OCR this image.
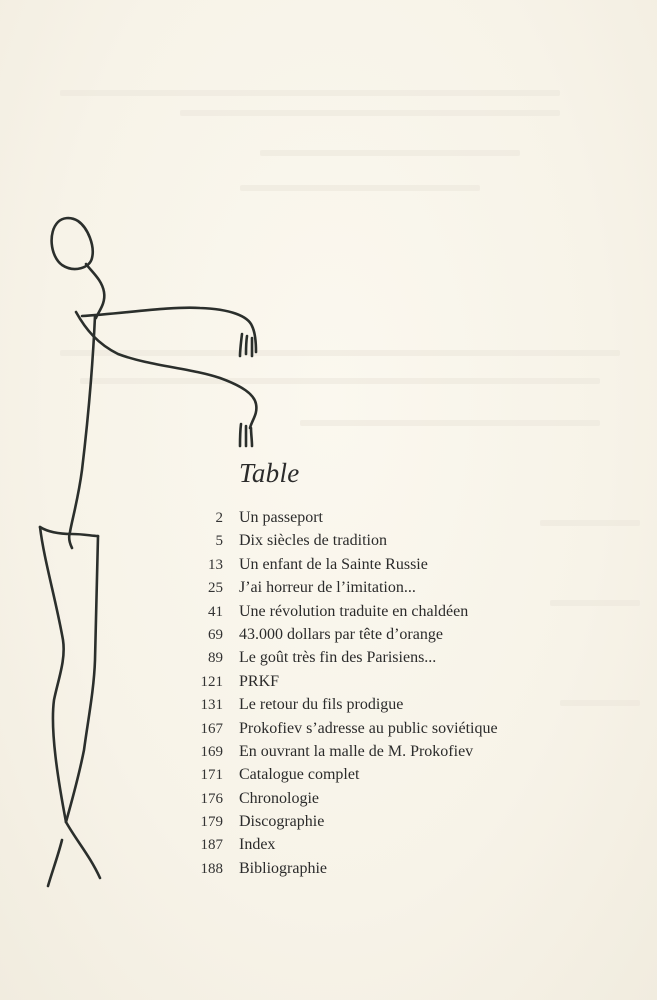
Table
2 Un passeport
5 Dix siècles de tradition
13 Un enfant de la Sainte Russie
25 J’ai horreur de l’imitation...
41 Une révolution traduite en chaldéen
69 43.000 dollars par tête d’orange
89 Le goût très fin des Parisiens...
121 PRKF
131 Le retour du fils prodigue
167 Prokofiev s’adresse au public soviétique
169 En ouvrant la malle de M. Prokofiev
171 Catalogue complet
176 Chronologie
179 Discographie
187 Index
188 Bibliographie
